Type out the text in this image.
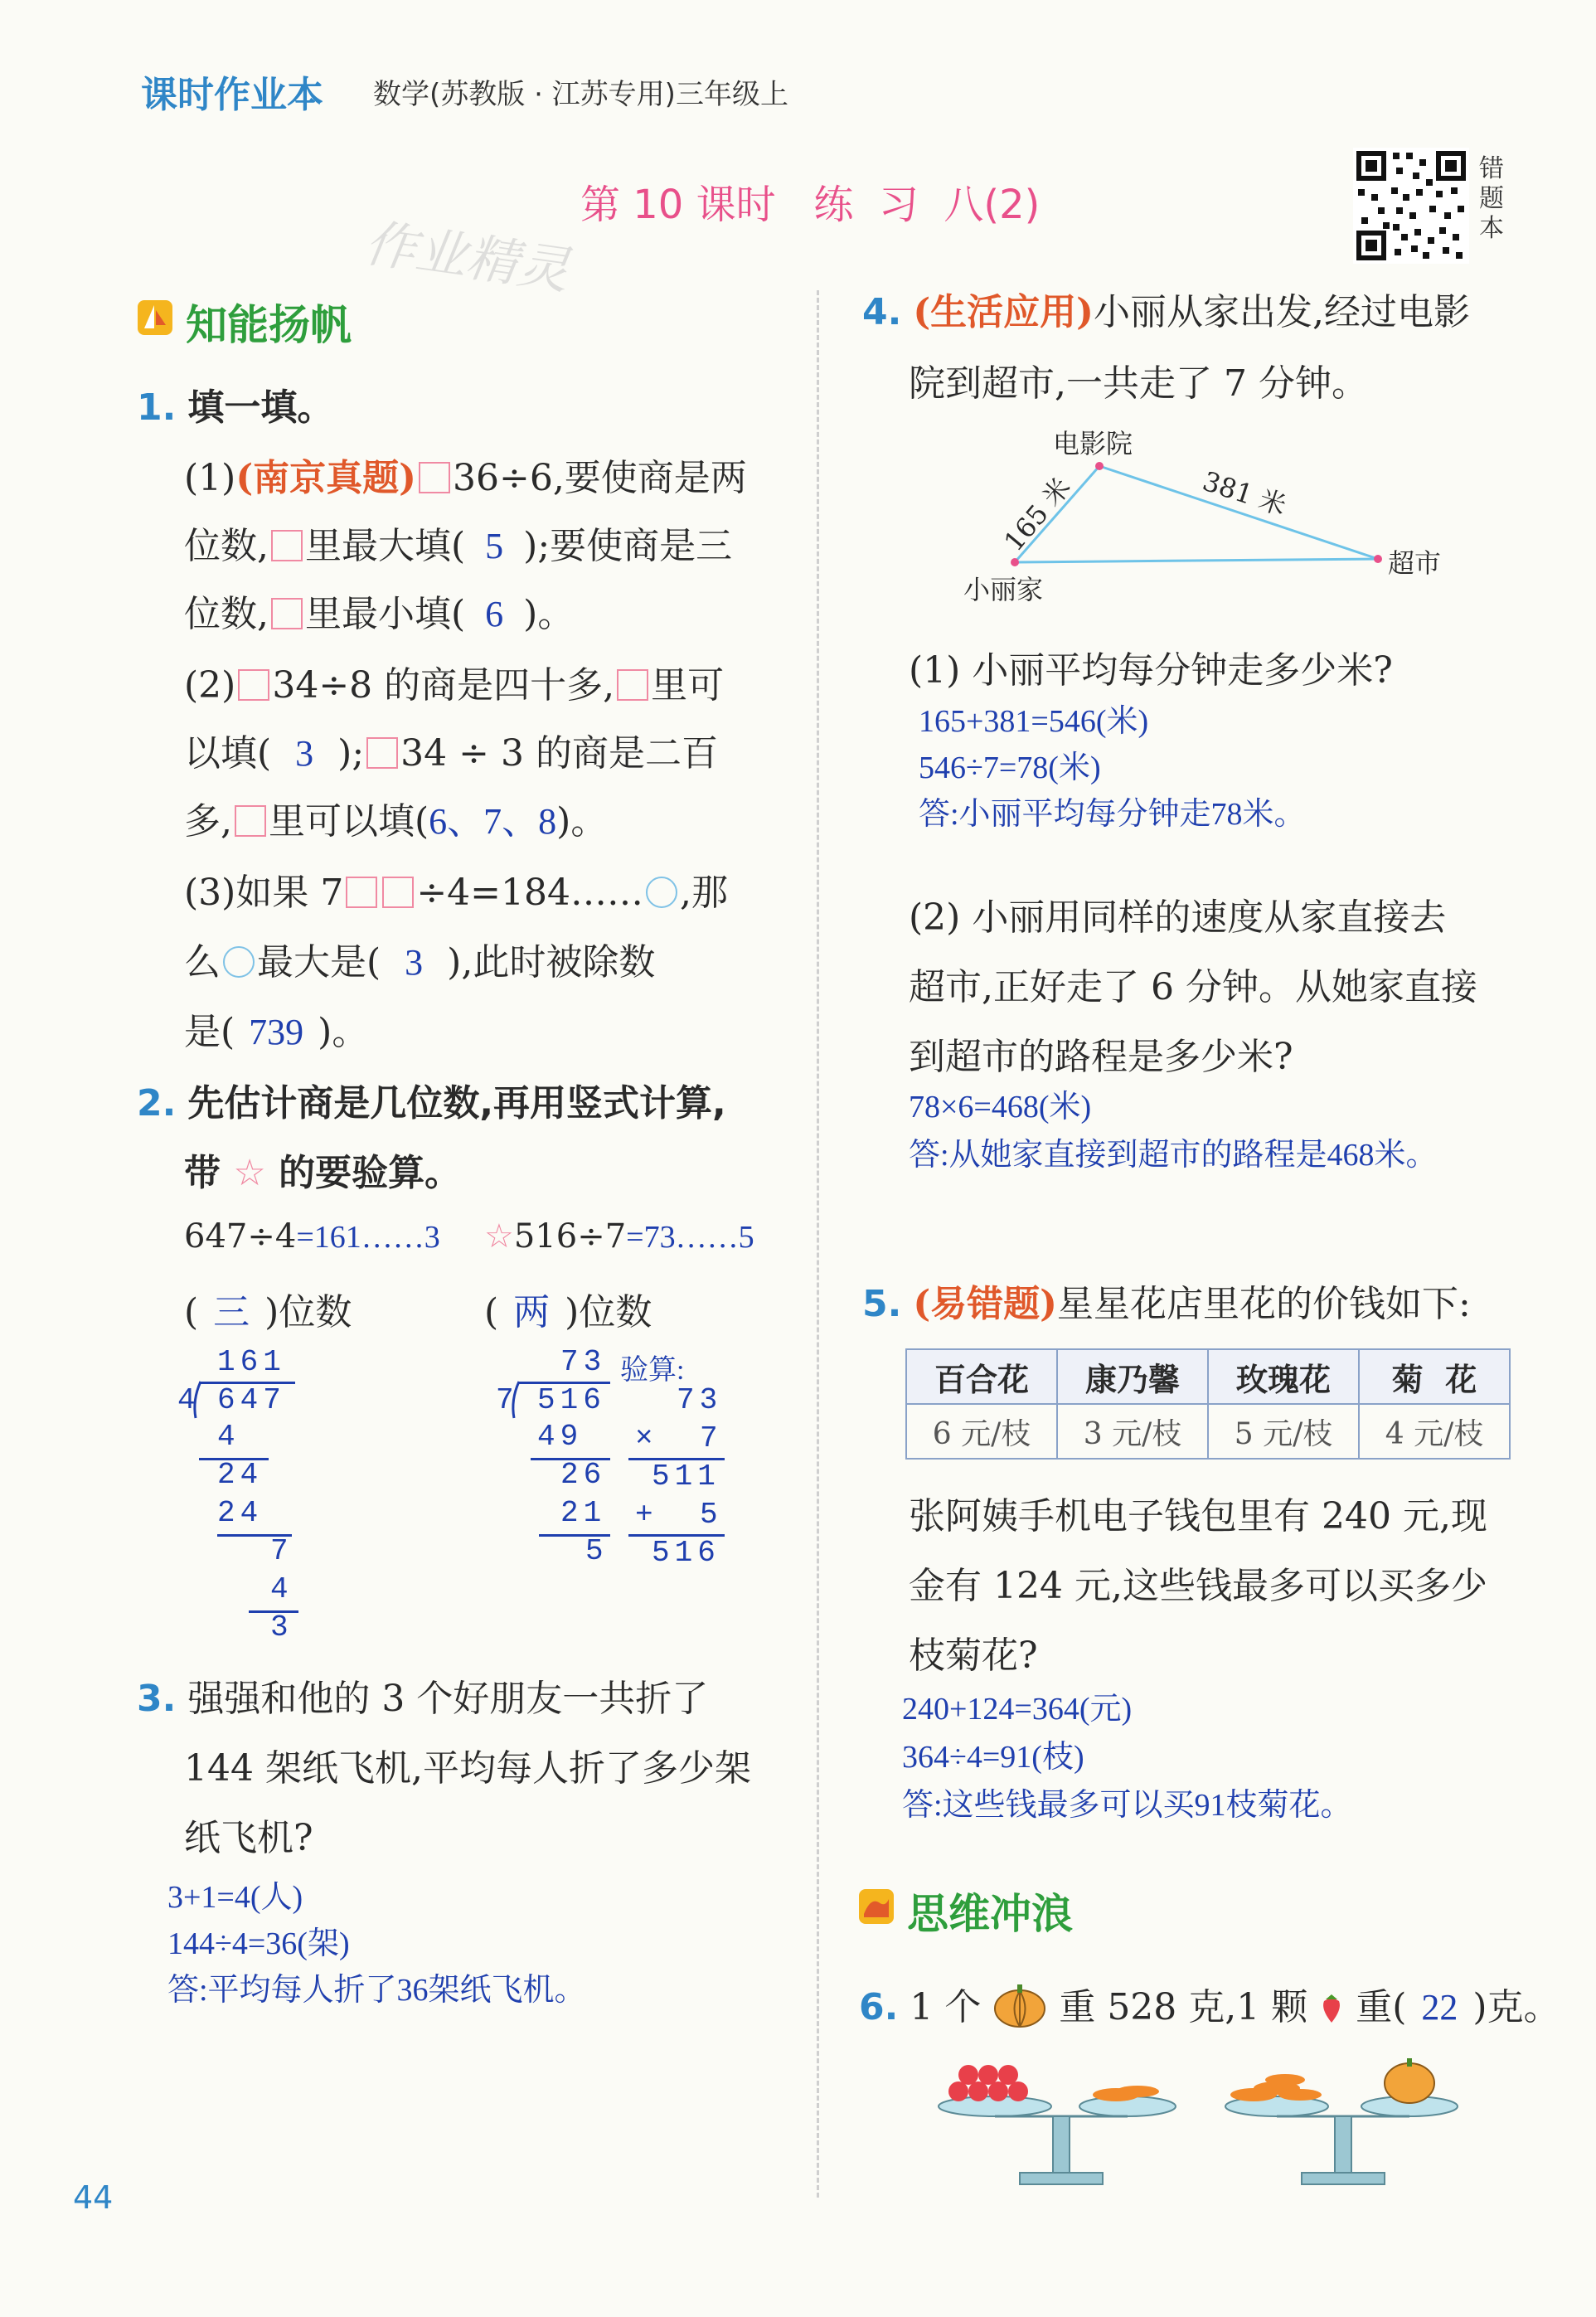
课时作业本 数学(苏教版 · 江苏专用)三年级上
第 10 课时   练  习  八(2)
错题本
作业精灵
知能扬帆
1. 填一填。
(1)(南京真题) 36÷6,要使商是两
位数, 里最大填( 5 );要使商是三
位数, 里最小填( 6 )。
(2) 34÷8 的商是四十多, 里可
以填( 3 ); 34 ÷ 3 的商是二百
多, 里可以填(6、7、8)。
(3)如果 7 ÷4=184…… ,那
么 最大是( 3 ),此时被除数
是( 739 )。
2. 先估计商是几位数,再用竖式计算,
带 ☆ 的要验算。
647÷4=161……3 ☆516÷7=73……5
( 三 )位数	( 两 )位数
161
4 647
4
24
24
7
4
3
73
7 516
49
26
21
5
验算:
73
× 7
511
+ 5
516
3. 强强和他的 3 个好朋友一共折了
144 架纸飞机,平均每人折了多少架
纸飞机?
3+1=4(人)
144÷4=36(架)
答:平均每人折了36架纸飞机。
4. (生活应用)小丽从家出发,经过电影
院到超市,一共走了 7 分钟。
电影院
小丽家
超市
165 米	381 米
(1) 小丽平均每分钟走多少米?
165+381=546(米)
546÷7=78(米)
答:小丽平均每分钟走78米。
(2) 小丽用同样的速度从家直接去
超市,正好走了 6 分钟。从她家直接
到超市的路程是多少米?
78×6=468(米)
答:从她家直接到超市的路程是468米。
5. (易错题)星星花店里花的价钱如下:
百合花	康乃馨	玫瑰花	菊  花
6 元/枝	3 元/枝	5 元/枝	4 元/枝
张阿姨手机电子钱包里有 240 元,现
金有 124 元,这些钱最多可以买多少
枝菊花?
240+124=364(元)
364÷4=91(枝)
答:这些钱最多可以买91枝菊花。
思维冲浪
6. 1 个 重 528 克,1 颗 重( 22 )克。
44
